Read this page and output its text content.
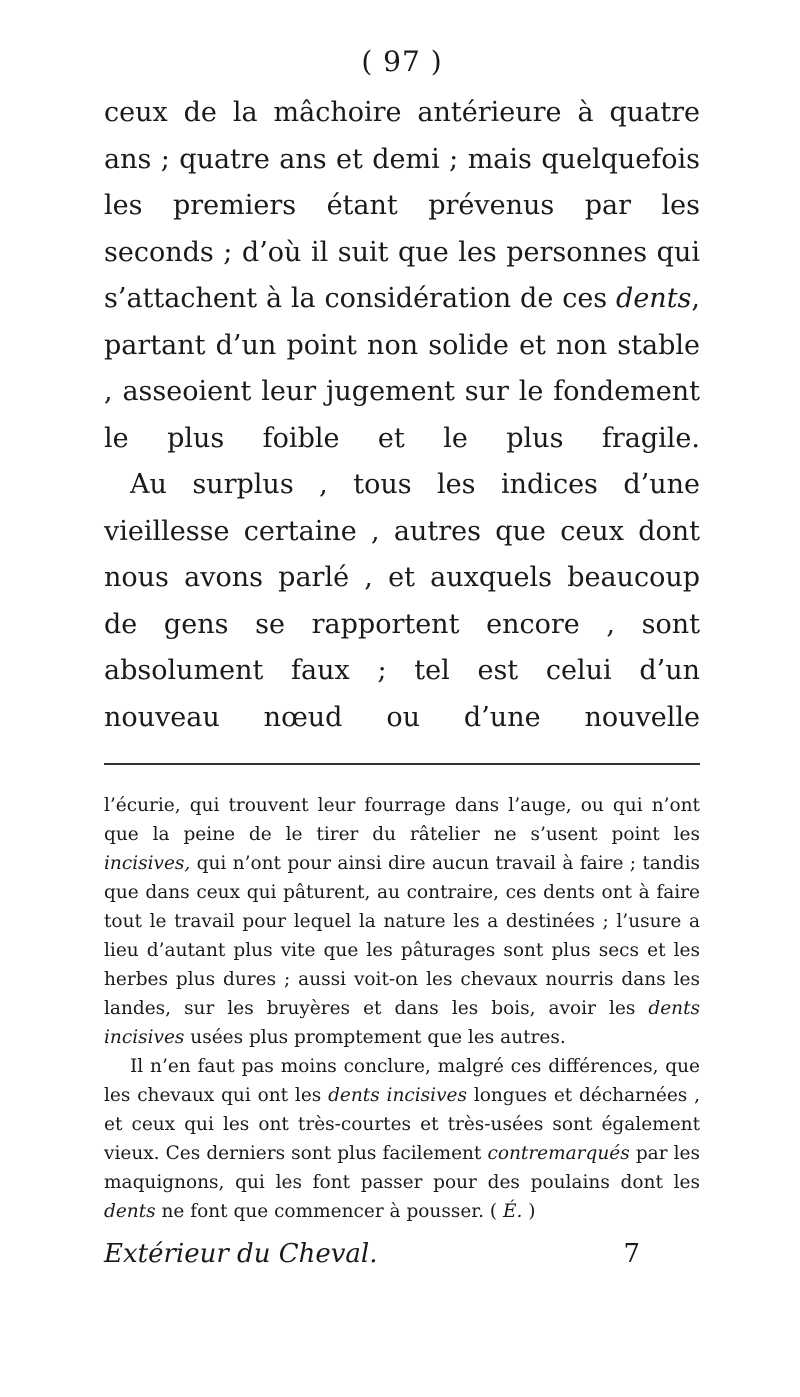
( 97 )

ceux de la mâchoire antérieure à quatre ans ; quatre ans et demi ; mais quelquefois les premiers étant prévenus par les seconds ; d’où il suit que les personnes qui s’attachent à la considération de ces dents, partant d’un point non solide et non stable , asseoient leur jugement sur le fondement le plus foible et le plus fragile.

Au surplus , tous les indices d’une vieillesse certaine , autres que ceux dont nous avons parlé , et auxquels beaucoup de gens se rapportent encore , sont absolument faux ; tel est celui d’un nouveau nœud ou d’une nouvelle

l’écurie, qui trouvent leur fourrage dans l’auge, ou qui n’ont que la peine de le tirer du râtelier ne s’usent point les incisives, qui n’ont pour ainsi dire aucun travail à faire ; tandis que dans ceux qui pâturent, au contraire, ces dents ont à faire tout le travail pour lequel la nature les a destinées ; l’usure a lieu d’autant plus vite que les pâturages sont plus secs et les herbes plus dures ; aussi voit-on les chevaux nourris dans les landes, sur les bruyères et dans les bois, avoir les dents incisives usées plus promptement que les autres.

Il n’en faut pas moins conclure, malgré ces différences, que les chevaux qui ont les dents incisives longues et décharnées , et ceux qui les ont très-courtes et très-usées sont également vieux. Ces derniers sont plus facilement contremarqués par les maquignons, qui les font passer pour des poulains dont les dents ne font que commencer à pousser. ( É. )

Extérieur du Cheval.	7
